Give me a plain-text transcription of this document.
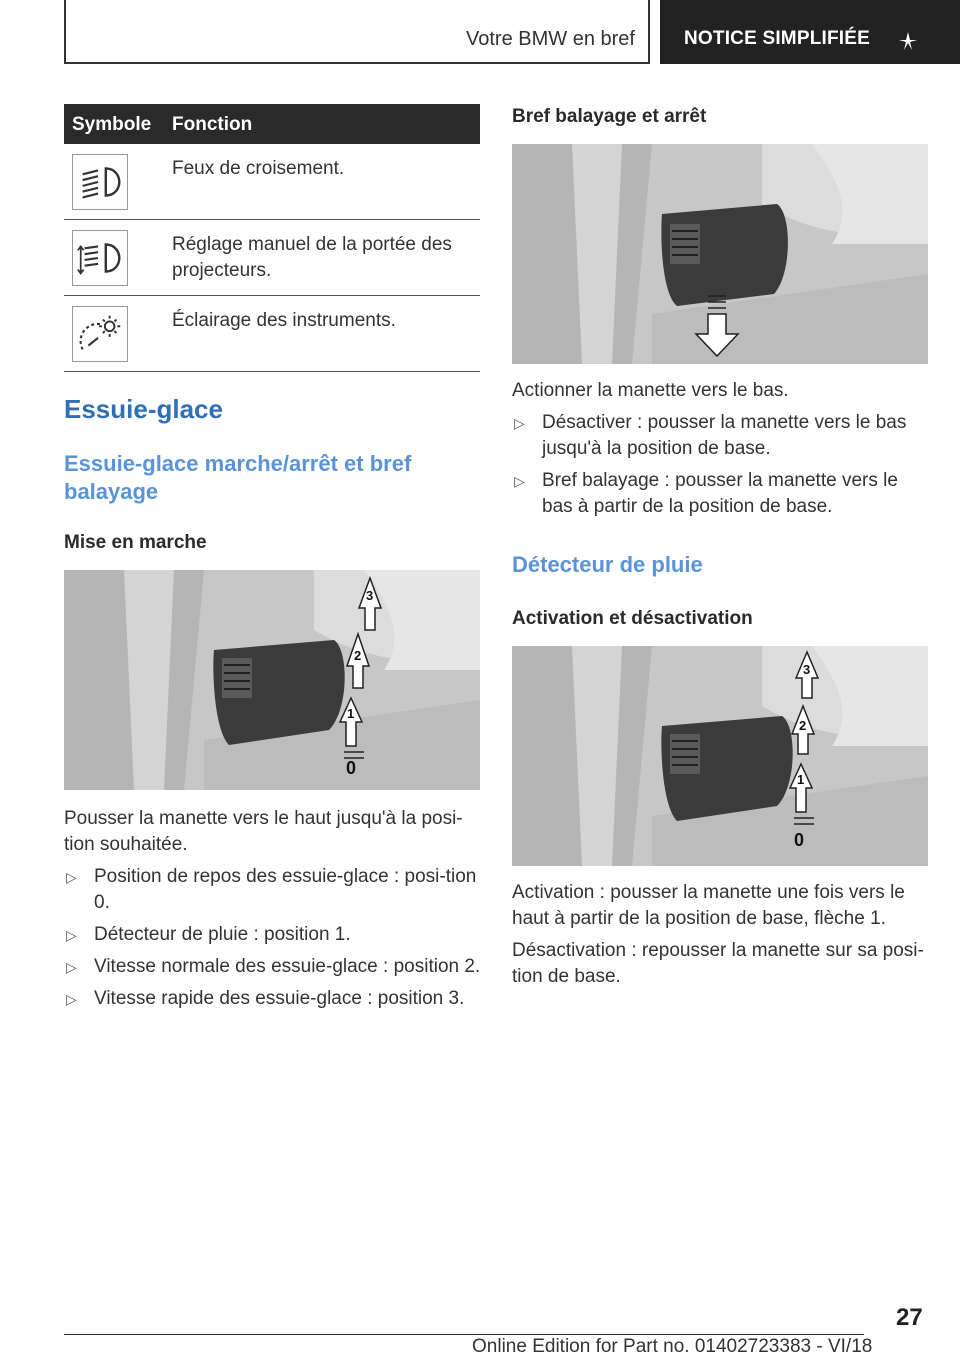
Votre BMW en bref	NOTICE SIMPLIFIÉE
Symbole Fonction
Feux de croisement.
Réglage manuel de la portée des projecteurs.
Éclairage des instruments.
Essuie-glace
Essuie-glace marche/arrêt et bref balayage
Mise en marche
3
2
1
0
Pousser la manette vers le haut jusqu'à la posi-tion souhaitée.
▷ Position de repos des essuie-glace : posi-tion 0.
▷ Détecteur de pluie : position 1.
▷ Vitesse normale des essuie-glace : position 2.
▷ Vitesse rapide des essuie-glace : position 3.
Bref balayage et arrêt
Actionner la manette vers le bas.
▷ Désactiver : pousser la manette vers le bas jusqu'à la position de base.
▷ Bref balayage : pousser la manette vers le bas à partir de la position de base.
Détecteur de pluie
Activation et désactivation
3
2
1
0
Activation : pousser la manette une fois vers le haut à partir de la position de base, flèche 1.
Désactivation : repousser la manette sur sa posi-tion de base.
27
Online Edition for Part no. 01402723383 - VI/18
